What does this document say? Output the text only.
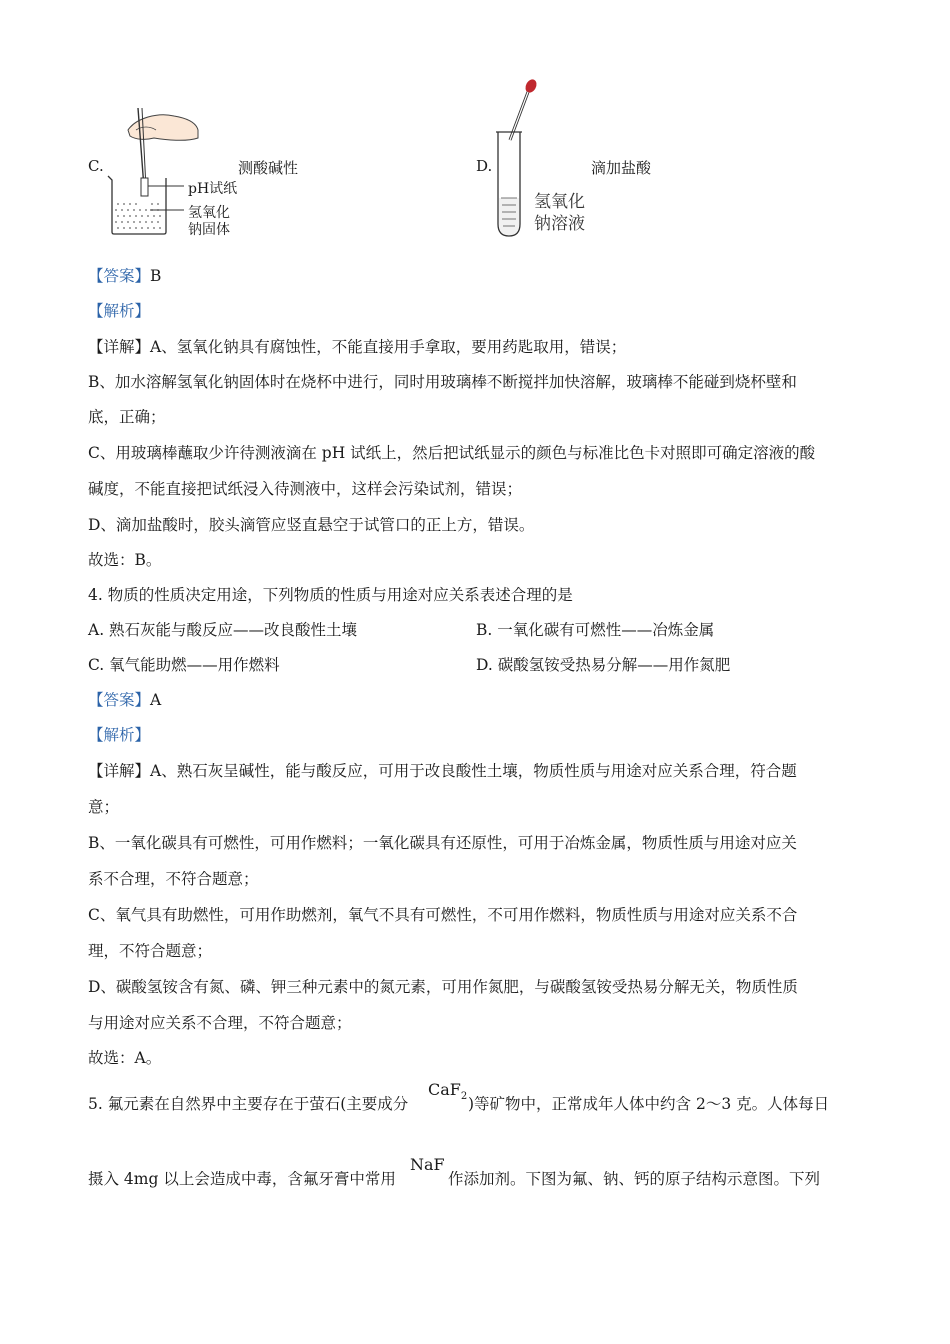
C.	测酸碱性
pH试纸
氢氧化
钠固体
D.	滴加盐酸
氢氧化
钠溶液
【答案】B
【解析】
【详解】A、氢氧化钠具有腐蚀性，不能直接用手拿取，要用药匙取用，错误；
B、加水溶解氢氧化钠固体时在烧杯中进行，同时用玻璃棒不断搅拌加快溶解，玻璃棒不能碰到烧杯壁和
底，正确；
C、用玻璃棒蘸取少许待测液滴在 pH 试纸上，然后把试纸显示的颜色与标准比色卡对照即可确定溶液的酸
碱度，不能直接把试纸浸入待测液中，这样会污染试剂，错误；
D、滴加盐酸时，胶头滴管应竖直悬空于试管口的正上方，错误。
故选：B。
4. 物质的性质决定用途，下列物质的性质与用途对应关系表述合理的是
A. 熟石灰能与酸反应——改良酸性土壤	B. 一氧化碳有可燃性——冶炼金属
C. 氧气能助燃——用作燃料	D. 碳酸氢铵受热易分解——用作氮肥
【答案】A
【解析】
【详解】A、熟石灰呈碱性，能与酸反应，可用于改良酸性土壤，物质性质与用途对应关系合理，符合题
意；
B、一氧化碳具有可燃性，可用作燃料；一氧化碳具有还原性，可用于冶炼金属，物质性质与用途对应关
系不合理，不符合题意；
C、氧气具有助燃性，可用作助燃剂，氧气不具有可燃性，不可用作燃料，物质性质与用途对应关系不合
理，不符合题意；
D、碳酸氢铵含有氮、磷、钾三种元素中的氮元素，可用作氮肥，与碳酸氢铵受热易分解无关，物质性质
与用途对应关系不合理，不符合题意；
故选：A。
5. 氟元素在自然界中主要存在于萤石(主要成分
CaF$_2$ )等矿物中，正常成年人体中约含 2～3 克。人体每日
摄入 4mg 以上会造成中毒，含氟牙膏中常用
NaF
作添加剂。下图为氟、钠、钙的原子结构示意图。下列
